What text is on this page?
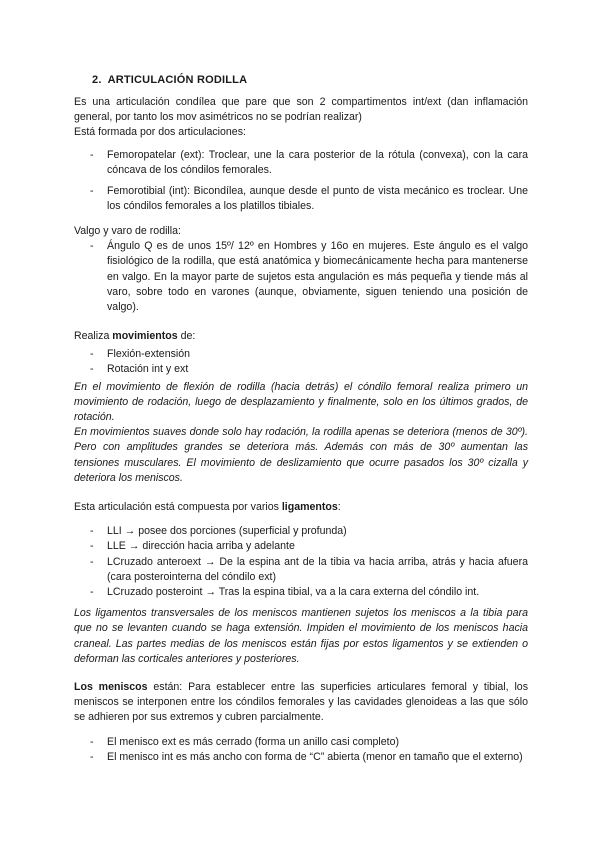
2. ARTICULACIÓN RODILLA

Es una articulación condílea que pare que son 2 compartimentos int/ext (dan inflamación general, por tanto los mov asimétricos no se podrían realizar)

Está formada por dos articulaciones:

- Femoropatelar (ext): Troclear, une la cara posterior de la rótula (convexa), con la cara cóncava de los cóndilos femorales.
- Femorotibial (int): Bicondílea, aunque desde el punto de vista mecánico es troclear. Une los cóndilos femorales a los platillos tibiales.

Valgo y varo de rodilla:

- Ángulo Q es de unos 15º/ 12º en Hombres y 16o en mujeres. Este ángulo es el valgo fisiológico de la rodilla, que está anatómica y biomecánicamente hecha para mantenerse en valgo. En la mayor parte de sujetos esta angulación es más pequeña y tiende más al varo, sobre todo en varones (aunque, obviamente, siguen teniendo una posición de valgo).

Realiza movimientos de:

- Flexión-extensión
- Rotación int y ext

En el movimiento de flexión de rodilla (hacia detrás) el cóndilo femoral realiza primero un movimiento de rodación, luego de desplazamiento y finalmente, solo en los últimos grados, de rotación.

En movimientos suaves donde solo hay rodación, la rodilla apenas se deteriora (menos de 30º). Pero con amplitudes grandes se deteriora más. Además con más de 30º aumentan las tensiones musculares. El movimiento de deslizamiento que ocurre pasados los 30º cizalla y deteriora los meniscos.

Esta articulación está compuesta por varios ligamentos:

- LLI → posee dos porciones (superficial y profunda)
- LLE → dirección hacia arriba y adelante
- LCruzado anteroext → De la espina ant de la tibia va hacia arriba, atrás y hacia afuera (cara posterointerna del cóndilo ext)
- LCruzado posteroint → Tras la espina tibial, va a la cara externa del cóndilo int.

Los ligamentos transversales de los meniscos mantienen sujetos los meniscos a la tibia para que no se levanten cuando se haga extensión. Impiden el movimiento de los meniscos hacia craneal. Las partes medias de los meniscos están fijas por estos ligamentos y se extienden o deforman las corticales anteriores y posteriores.

Los meniscos están: Para establecer entre las superficies articulares femoral y tibial, los meniscos se interponen entre los cóndilos femorales y las cavidades glenoideas a las que sólo se adhieren por sus extremos y cubren parcialmente.

- El menisco ext es más cerrado (forma un anillo casi completo)
- El menisco int es más ancho con forma de “C” abierta (menor en tamaño que el externo)
